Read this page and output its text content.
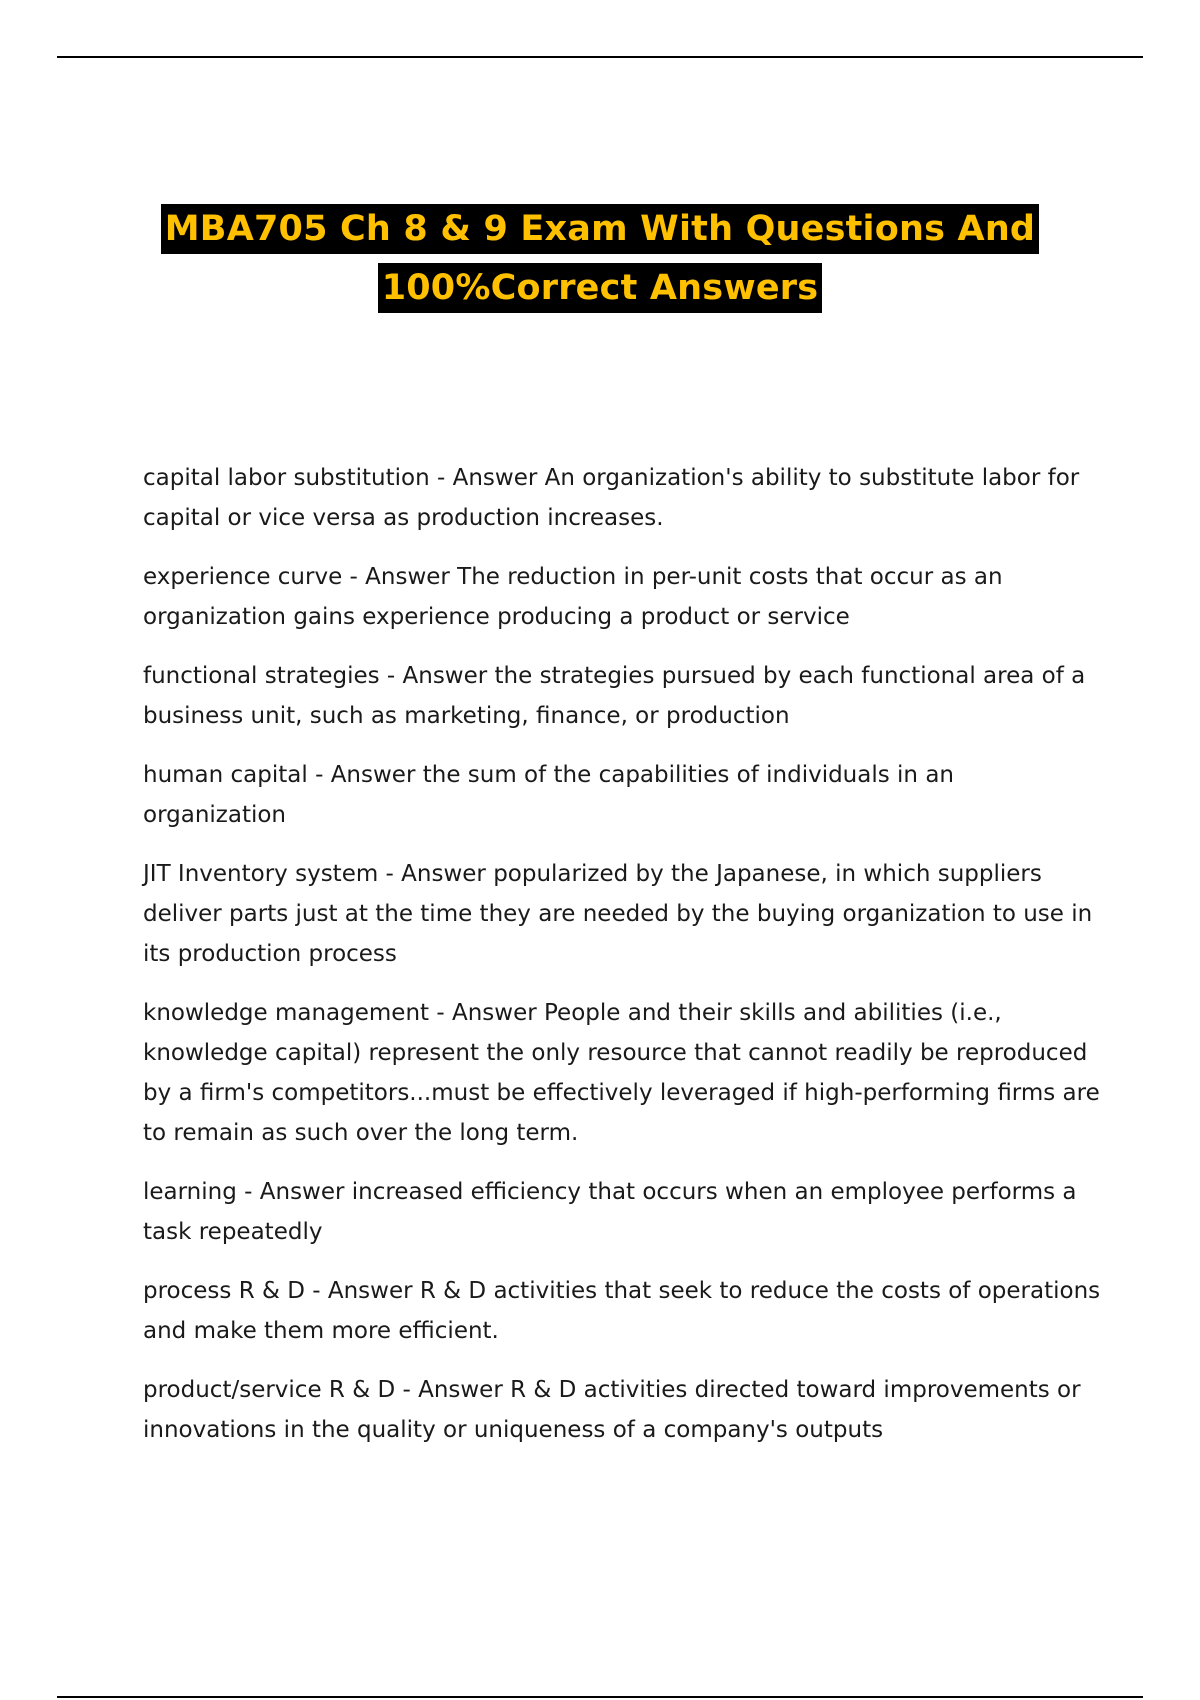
MBA705 Ch 8 & 9 Exam With Questions And
100%Correct Answers

capital labor substitution - Answer An organization's ability to substitute labor for capital or vice versa as production increases.

experience curve - Answer The reduction in per-unit costs that occur as an organization gains experience producing a product or service

functional strategies - Answer the strategies pursued by each functional area of a business unit, such as marketing, finance, or production

human capital - Answer the sum of the capabilities of individuals in an organization

JIT Inventory system - Answer popularized by the Japanese, in which suppliers deliver parts just at the time they are needed by the buying organization to use in its production process

knowledge management - Answer People and their skills and abilities (i.e., knowledge capital) represent the only resource that cannot readily be reproduced by a firm's competitors...must be effectively leveraged if high-performing firms are to remain as such over the long term.

learning - Answer increased efficiency that occurs when an employee performs a task repeatedly

process R & D - Answer R & D activities that seek to reduce the costs of operations and make them more efficient.

product/service R & D - Answer R & D activities directed toward improvements or innovations in the quality or uniqueness of a company's outputs
